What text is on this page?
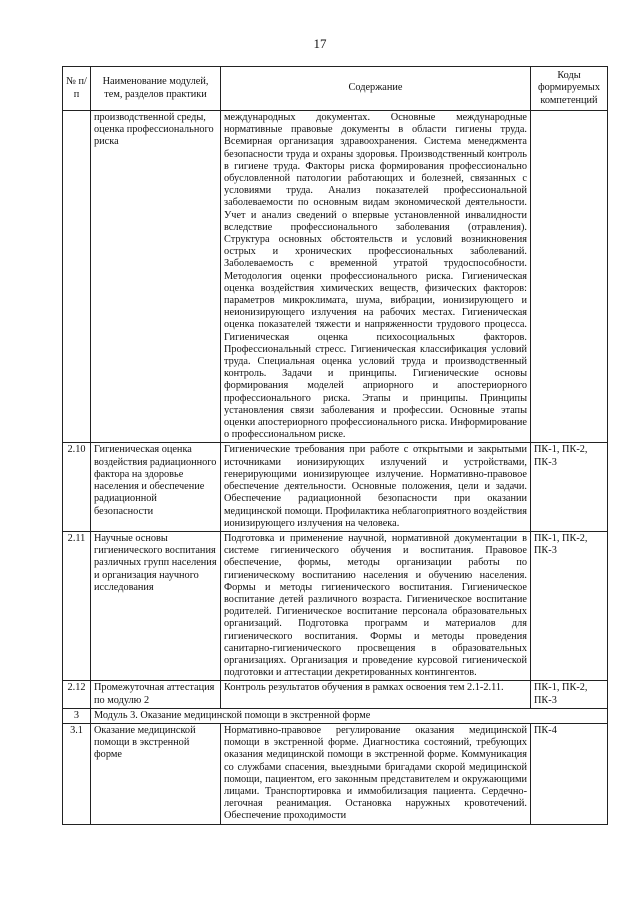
17
№ п/п	Наименование модулей, тем, разделов практики	Содержание	Коды формируемых компетенций
	производственной среды, оценка профессионального риска	международных документах. Основные международные нормативные правовые документы в области гигиены труда. Всемирная организация здравоохранения. Система менеджмента безопасности труда и охраны здоровья. Производственный контроль в гигиене труда. Факторы риска формирования профессионально обусловленной патологии работающих и болезней, связанных с условиями труда. Анализ показателей профессиональной заболеваемости по основным видам экономической деятельности. Учет и анализ сведений о впервые установленной инвалидности вследствие профессионального заболевания (отравления). Структура основных обстоятельств и условий возникновения острых и хронических профессиональных заболеваний. Заболеваемость с временной утратой трудоспособности. Методология оценки профессионального риска. Гигиеническая оценка воздействия химических веществ, физических факторов: параметров микроклимата, шума, вибрации, ионизирующего и неионизирующего излучения на рабочих местах. Гигиеническая оценка показателей тяжести и напряженности трудового процесса. Гигиеническая оценка психосоциальных факторов. Профессиональный стресс. Гигиеническая классификация условий труда. Специальная оценка условий труда и производственный контроль. Задачи и принципы. Гигиенические основы формирования моделей априорного и апостериорного профессионального риска. Этапы и принципы. Принципы установления связи заболевания и профессии. Основные этапы оценки апостериорного профессионального риска. Информирование о профессиональном риске.	
2.10	Гигиеническая оценка воздействия радиационного фактора на здоровье населения и обеспечение радиационной безопасности	Гигиенические требования при работе с открытыми и закрытыми источниками ионизирующих излучений и устройствами, генерирующими ионизирующее излучение. Нормативно-правовое обеспечение деятельности. Основные положения, цели и задачи. Обеспечение радиационной безопасности при оказании медицинской помощи. Профилактика неблагоприятного воздействия ионизирующего излучения на человека.	ПК-1, ПК-2, ПК-3
2.11	Научные основы гигиенического воспитания различных групп населения и организация научного исследования	Подготовка и применение научной, нормативной документации в системе гигиенического обучения и воспитания. Правовое обеспечение, формы, методы организации работы по гигиеническому воспитанию населения и обучению населения. Формы и методы гигиенического воспитания. Гигиеническое воспитание детей различного возраста. Гигиеническое воспитание родителей. Гигиеническое воспитание персонала образовательных организаций. Подготовка программ и материалов для гигиенического воспитания. Формы и методы проведения санитарно-гигиенического просвещения в образовательных организациях. Организация и проведение курсовой гигиенической подготовки и аттестации декретированных контингентов.	ПК-1, ПК-2, ПК-3
2.12	Промежуточная аттестация по модулю 2	Контроль результатов обучения в рамках освоения тем 2.1-2.11.	ПК-1, ПК-2, ПК-3
3	Модуль 3. Оказание медицинской помощи в экстренной форме		
3.1	Оказание медицинской помощи в экстренной форме	Нормативно-правовое регулирование оказания медицинской помощи в экстренной форме. Диагностика состояний, требующих оказания медицинской помощи в экстренной форме. Коммуникация со службами спасения, выездными бригадами скорой медицинской помощи, пациентом, его законным представителем и окружающими лицами. Транспортировка и иммобилизация пациента. Сердечно-легочная реанимация. Остановка наружных кровотечений. Обеспечение проходимости	ПК-4
